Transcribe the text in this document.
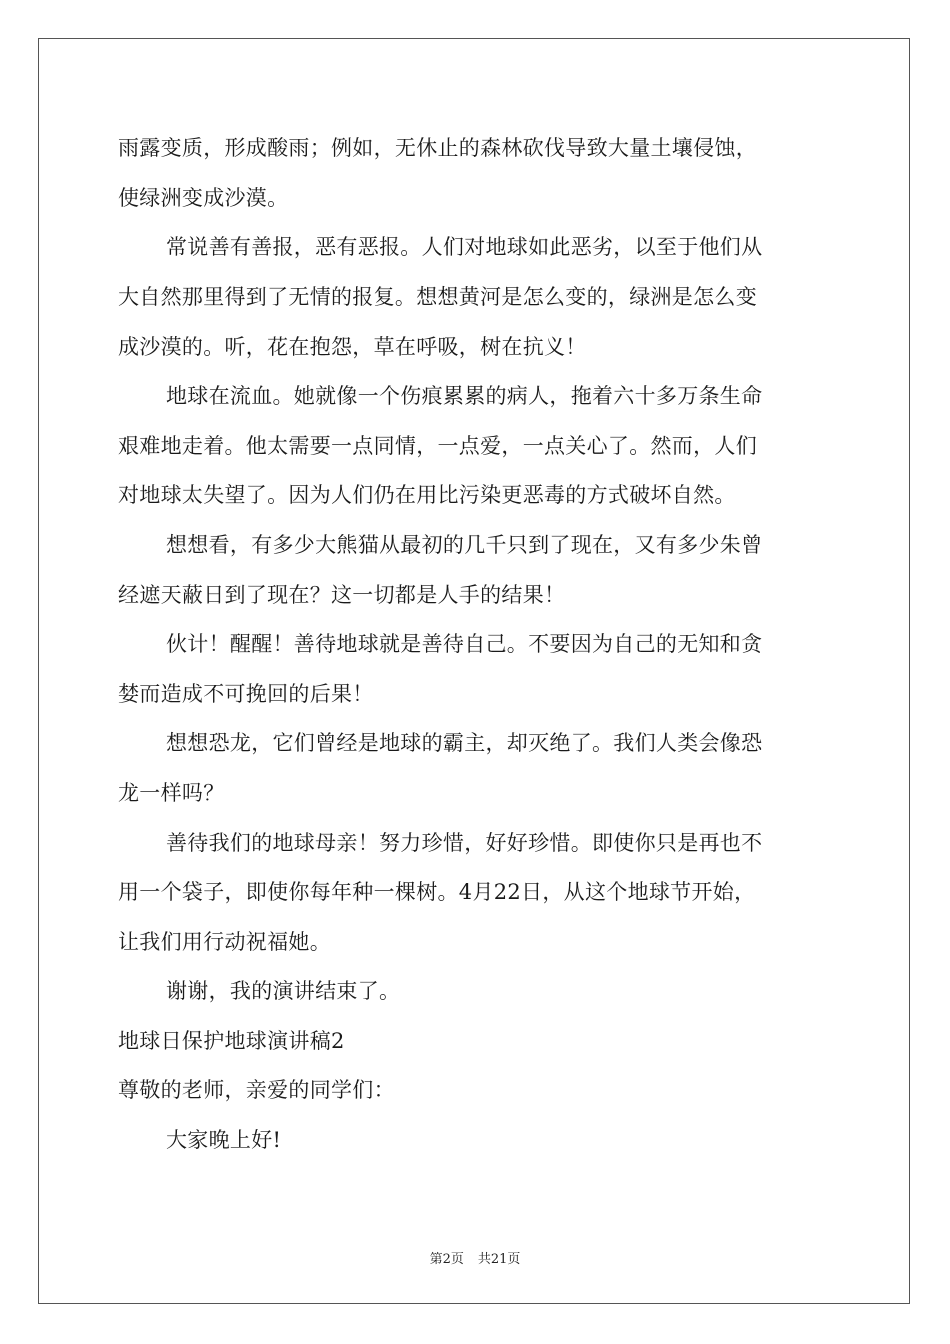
雨露变质，形成酸雨；例如，无休止的森林砍伐导致大量土壤侵蚀，
使绿洲变成沙漠。
常说善有善报，恶有恶报。人们对地球如此恶劣，以至于他们从
大自然那里得到了无情的报复。想想黄河是怎么变的，绿洲是怎么变
成沙漠的。听，花在抱怨，草在呼吸，树在抗义！
地球在流血。她就像一个伤痕累累的病人，拖着六十多万条生命
艰难地走着。他太需要一点同情，一点爱，一点关心了。然而，人们
对地球太失望了。因为人们仍在用比污染更恶毒的方式破坏自然。
想想看，有多少大熊猫从最初的几千只到了现在，又有多少朱曾
经遮天蔽日到了现在？这一切都是人手的结果！
伙计！醒醒！善待地球就是善待自己。不要因为自己的无知和贪
婪而造成不可挽回的后果！
想想恐龙，它们曾经是地球的霸主，却灭绝了。我们人类会像恐
龙一样吗？
善待我们的地球母亲！努力珍惜，好好珍惜。即使你只是再也不
用一个袋子，即使你每年种一棵树。4月22日，从这个地球节开始，
让我们用行动祝福她。
谢谢，我的演讲结束了。
地球日保护地球演讲稿2
尊敬的老师，亲爱的同学们：
大家晚上好!
第2页 共21页
